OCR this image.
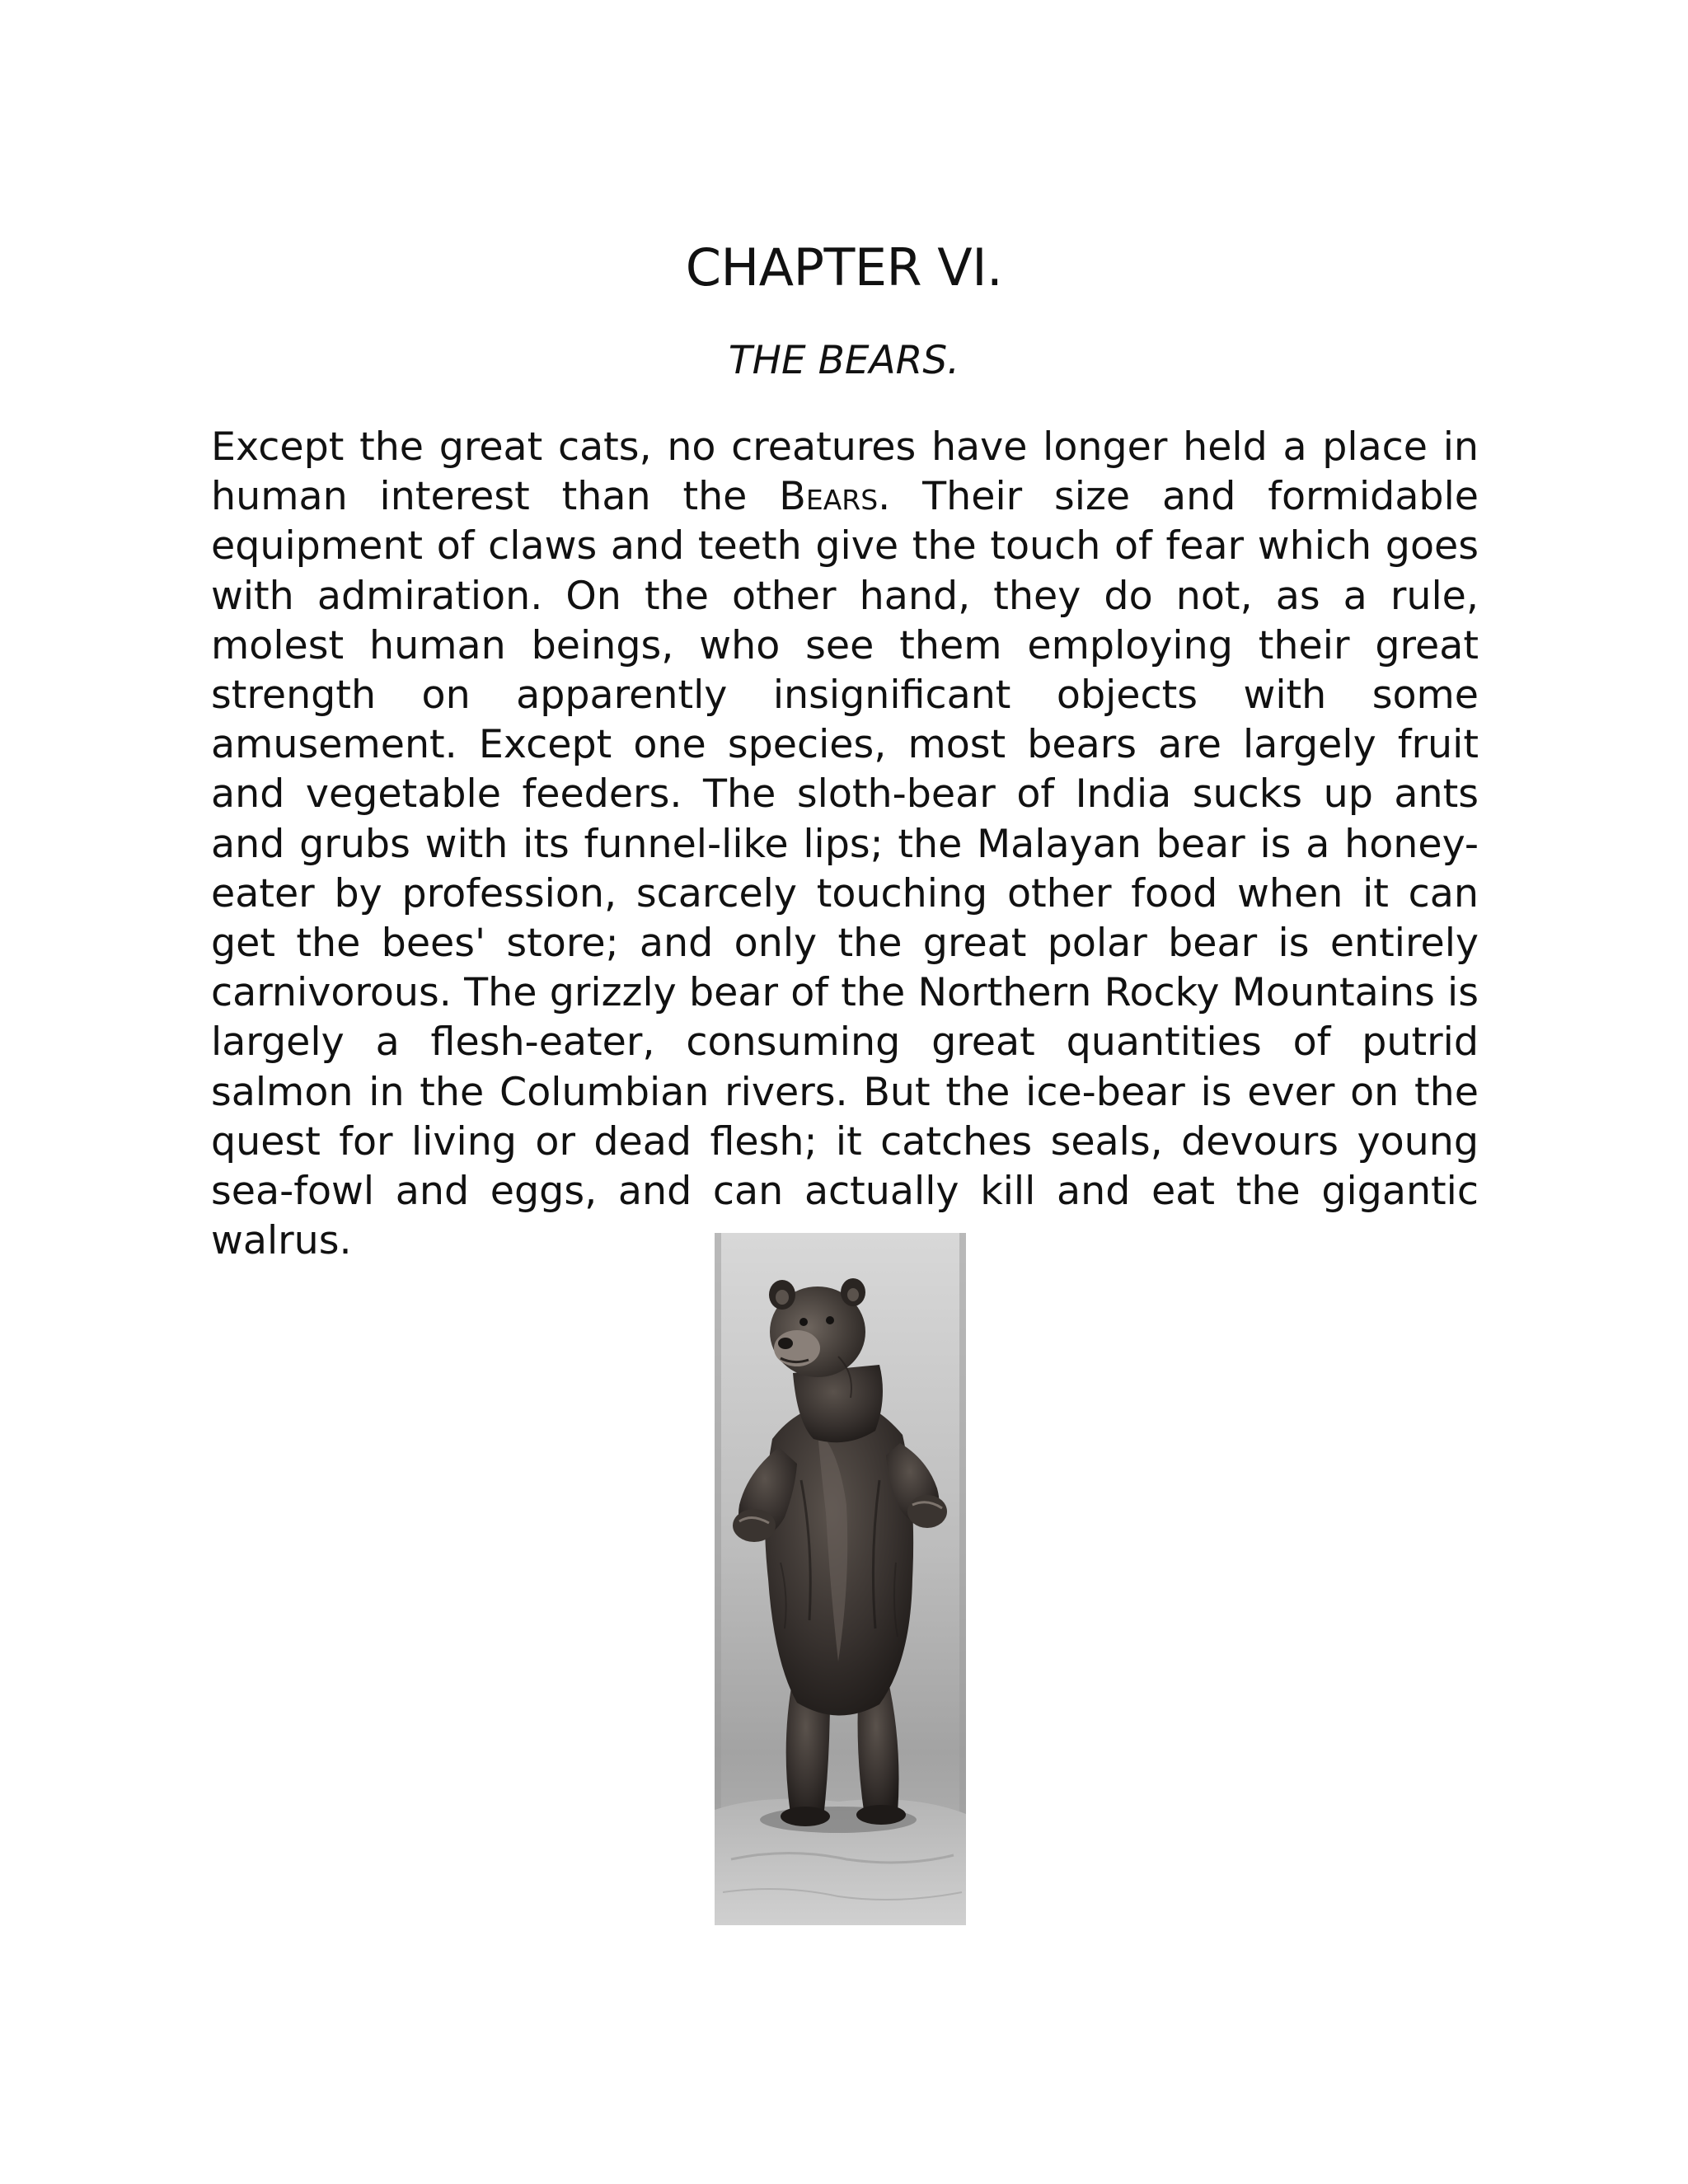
CHAPTER VI.
THE BEARS.

Except the great cats, no creatures have longer held a place in human interest than the Bears. Their size and formidable equipment of claws and teeth give the touch of fear which goes with admiration. On the other hand, they do not, as a rule, molest human beings, who see them employing their great strength on apparently insignificant objects with some amusement. Except one species, most bears are largely fruit and vegetable feeders. The sloth-bear of India sucks up ants and grubs with its funnel-like lips; the Malayan bear is a honey-eater by profession, scarcely touching other food when it can get the bees' store; and only the great polar bear is entirely carnivorous. The grizzly bear of the Northern Rocky Mountains is largely a flesh-eater, consuming great quantities of putrid salmon in the Columbian rivers. But the ice-bear is ever on the quest for living or dead flesh; it catches seals, devours young sea-fowl and eggs, and can actually kill and eat the gigantic walrus.
